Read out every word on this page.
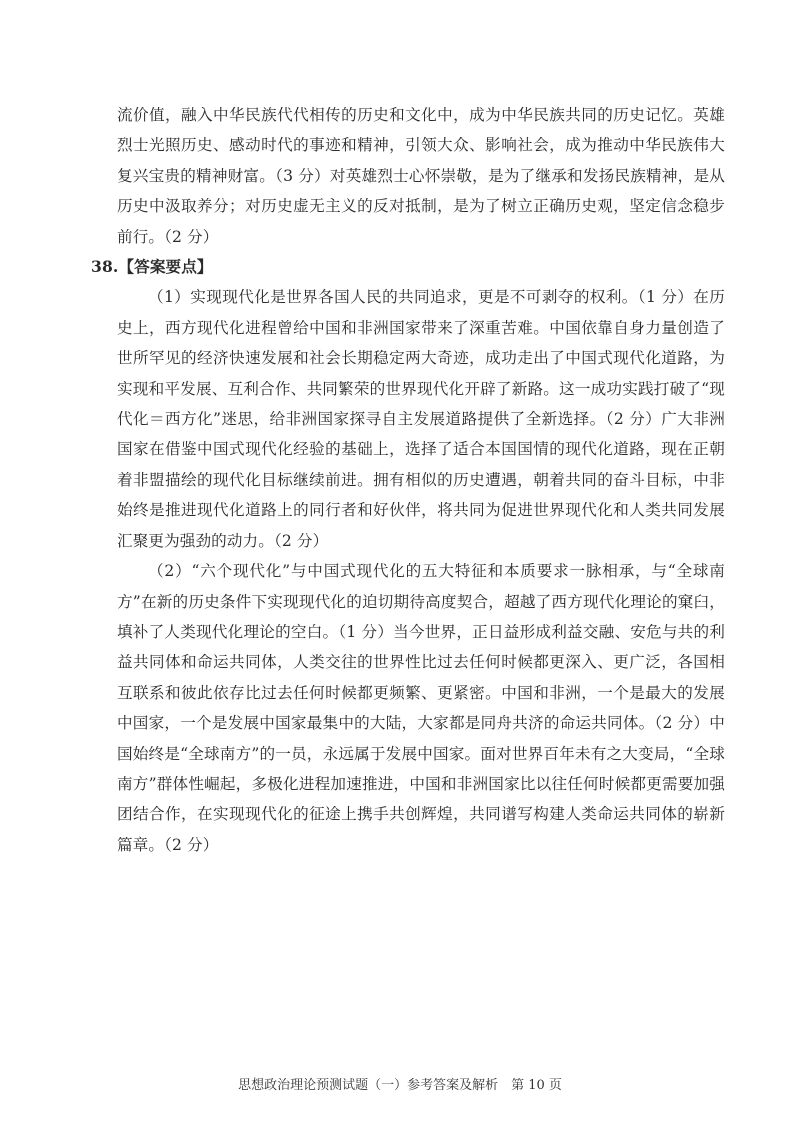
流价值，融入中华民族代代相传的历史和文化中，成为中华民族共同的历史记忆。英雄烈士光照历史、感动时代的事迹和精神，引领大众、影响社会，成为推动中华民族伟大复兴宝贵的精神财富。（3 分）对英雄烈士心怀崇敬，是为了继承和发扬民族精神，是从历史中汲取养分；对历史虚无主义的反对抵制，是为了树立正确历史观，坚定信念稳步前行。（2 分）

38.【答案要点】

（1）实现现代化是世界各国人民的共同追求，更是不可剥夺的权利。（1 分）在历史上，西方现代化进程曾给中国和非洲国家带来了深重苦难。中国依靠自身力量创造了世所罕见的经济快速发展和社会长期稳定两大奇迹，成功走出了中国式现代化道路，为实现和平发展、互利合作、共同繁荣的世界现代化开辟了新路。这一成功实践打破了“现代化＝西方化”迷思，给非洲国家探寻自主发展道路提供了全新选择。（2 分）广大非洲国家在借鉴中国式现代化经验的基础上，选择了适合本国国情的现代化道路，现在正朝着非盟描绘的现代化目标继续前进。拥有相似的历史遭遇，朝着共同的奋斗目标，中非始终是推进现代化道路上的同行者和好伙伴，将共同为促进世界现代化和人类共同发展汇聚更为强劲的动力。（2 分）

（2）“六个现代化”与中国式现代化的五大特征和本质要求一脉相承，与“全球南方”在新的历史条件下实现现代化的迫切期待高度契合，超越了西方现代化理论的窠臼，填补了人类现代化理论的空白。（1 分）当今世界，正日益形成利益交融、安危与共的利益共同体和命运共同体，人类交往的世界性比过去任何时候都更深入、更广泛，各国相互联系和彼此依存比过去任何时候都更频繁、更紧密。中国和非洲，一个是最大的发展中国家，一个是发展中国家最集中的大陆，大家都是同舟共济的命运共同体。（2 分）中国始终是“全球南方”的一员，永远属于发展中国家。面对世界百年未有之大变局，“全球南方”群体性崛起，多极化进程加速推进，中国和非洲国家比以往任何时候都更需要加强团结合作，在实现现代化的征途上携手共创辉煌，共同谱写构建人类命运共同体的崭新篇章。（2 分）

思想政治理论预测试题（一）参考答案及解析　第 10 页
